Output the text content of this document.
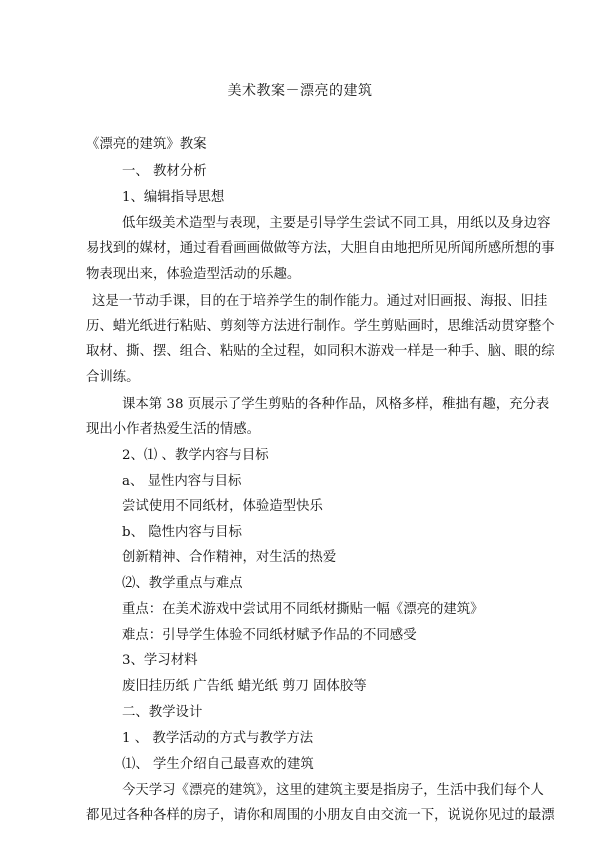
美术教案－漂亮的建筑
《漂亮的建筑》教案
一、 教材分析
1、编辑指导思想
低年级美术造型与表现，主要是引导学生尝试不同工具，用纸以及身边容
易找到的媒材，通过看看画画做做等方法，大胆自由地把所见所闻所感所想的事
物表现出来，体验造型活动的乐趣。
这是一节动手课，目的在于培养学生的制作能力。通过对旧画报、海报、旧挂
历、蜡光纸进行粘贴、剪刻等方法进行制作。学生剪贴画时，思维活动贯穿整个
取材、撕、摆、组合、粘贴的全过程，如同积木游戏一样是一种手、脑、眼的综
合训练。
课本第 38 页展示了学生剪贴的各种作品，风格多样，稚拙有趣，充分表
现出小作者热爱生活的情感。
2、⑴ 、教学内容与目标
a、 显性内容与目标
尝试使用不同纸材，体验造型快乐
b、 隐性内容与目标
创新精神、合作精神，对生活的热爱
⑵、教学重点与难点
重点：在美术游戏中尝试用不同纸材撕贴一幅《漂亮的建筑》
难点：引导学生体验不同纸材赋予作品的不同感受
3、学习材料
废旧挂历纸 广告纸 蜡光纸 剪刀 固体胶等
二、教学设计
1 、 教学活动的方式与教学方法
⑴、 学生介绍自己最喜欢的建筑
今天学习《漂亮的建筑》，这里的建筑主要是指房子，生活中我们每个人
都见过各种各样的房子，请你和周围的小朋友自由交流一下，说说你见过的最漂
